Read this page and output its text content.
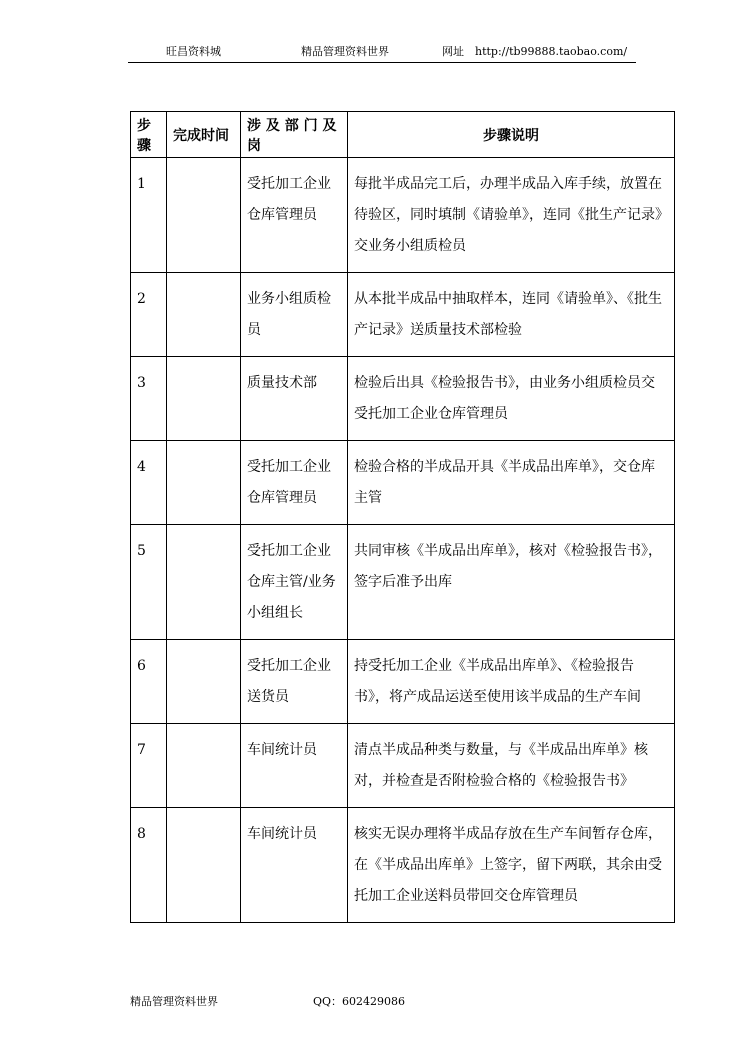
旺昌资料城	精品管理资料世界	网址　http://tb99888.taobao.com/
步骤	完成时间	涉 及 部 门 及 岗	步骤说明
1		受托加工企业仓库管理员	每批半成品完工后，办理半成品入库手续，放置在待验区，同时填制《请验单》，连同《批生产记录》交业务小组质检员
2		业务小组质检员	从本批半成品中抽取样本，连同《请验单》、《批生产记录》送质量技术部检验
3		质量技术部	检验后出具《检验报告书》，由业务小组质检员交受托加工企业仓库管理员
4		受托加工企业仓库管理员	检验合格的半成品开具《半成品出库单》，交仓库主管
5		受托加工企业仓库主管/业务小组组长	共同审核《半成品出库单》，核对《检验报告书》，签字后准予出库
6		受托加工企业送货员	持受托加工企业《半成品出库单》、《检验报告书》，将产成品运送至使用该半成品的生产车间
7		车间统计员	清点半成品种类与数量，与《半成品出库单》核对，并检查是否附检验合格的《检验报告书》
8		车间统计员	核实无误办理将半成品存放在生产车间暂存仓库，在《半成品出库单》上签字，留下两联，其余由受托加工企业送料员带回交仓库管理员
精品管理资料世界	QQ：602429086
